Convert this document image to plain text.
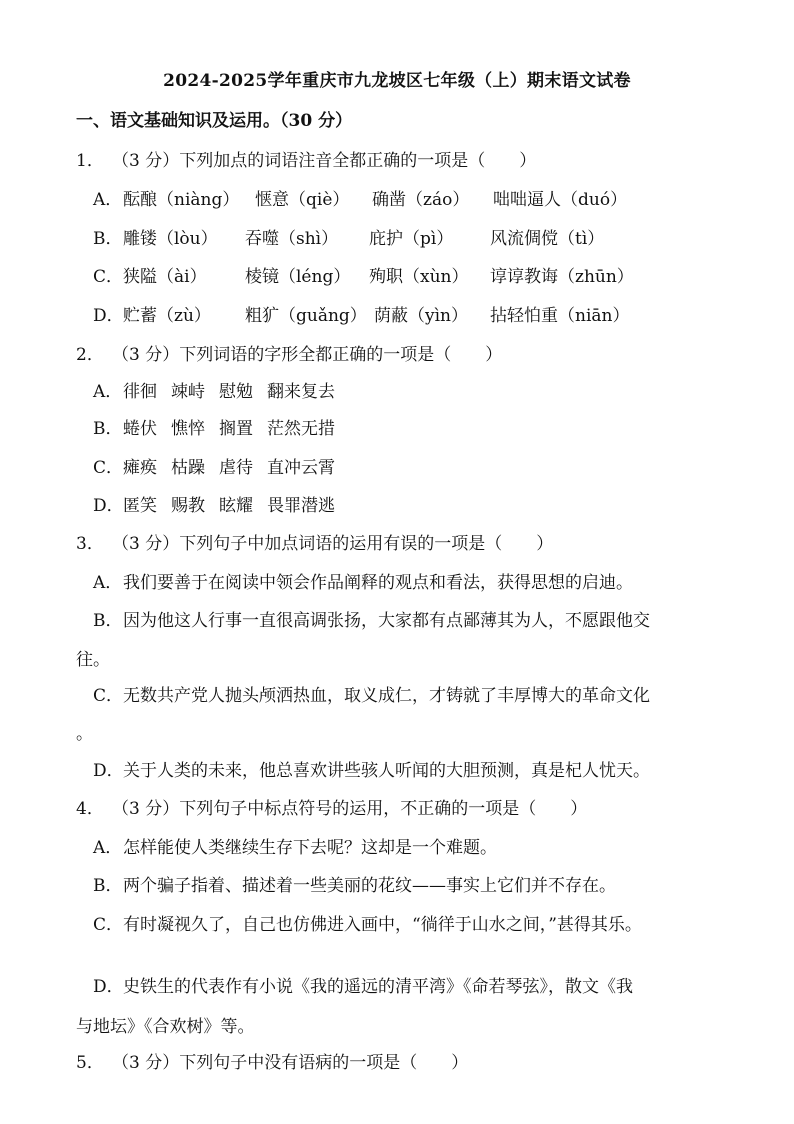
2024-2025学年重庆市九龙坡区七年级（上）期末语文试卷
一、语文基础知识及运用。（30 分）
1． （3 分）下列加点的词语注音全都正确的一项是（　　）
A． 酝酿（niàng） 惬意（qiè） 确凿（záo） 咄咄逼人（duó）
B． 雕镂（lòu） 吞噬（shì） 庇护（pì） 风流倜傥（tì）
C． 狭隘（ài） 棱镜（léng） 殉职（xùn） 谆谆教诲（zhūn）
D． 贮蓄（zù） 粗犷（guǎng） 荫蔽（yìn） 拈轻怕重（niān）
2． （3 分）下列词语的字形全都正确的一项是（　　）
A．徘徊 竦峙 慰勉 翻来复去
B．蜷伏 憔悴 搁置 茫然无措
C．瘫痪 枯躁 虐待 直冲云霄
D．匿笑 赐教 眩耀 畏罪潜逃
3． （3 分）下列句子中加点词语的运用有误的一项是（　　）
A．我们要善于在阅读中领会作品阐释的观点和看法，获得思想的启迪。
B．因为他这人行事一直很高调张扬，大家都有点鄙薄其为人，不愿跟他交
往。
C．无数共产党人抛头颅洒热血，取义成仁，才铸就了丰厚博大的革命文化
。
D．关于人类的未来，他总喜欢讲些骇人听闻的大胆预测，真是杞人忧天。
4． （3 分）下列句子中标点符号的运用，不正确的一项是（　　）
A．怎样能使人类继续生存下去呢？这却是一个难题。
B．两个骗子指着、描述着一些美丽的花纹——事实上它们并不存在。
C．有时凝视久了，自己也仿佛进入画中，“徜徉于山水之间，”甚得其乐。
D．史铁生的代表作有小说《我的遥远的清平湾》《命若琴弦》，散文《我
与地坛》《合欢树》等。
5． （3 分）下列句子中没有语病的一项是（　　）
